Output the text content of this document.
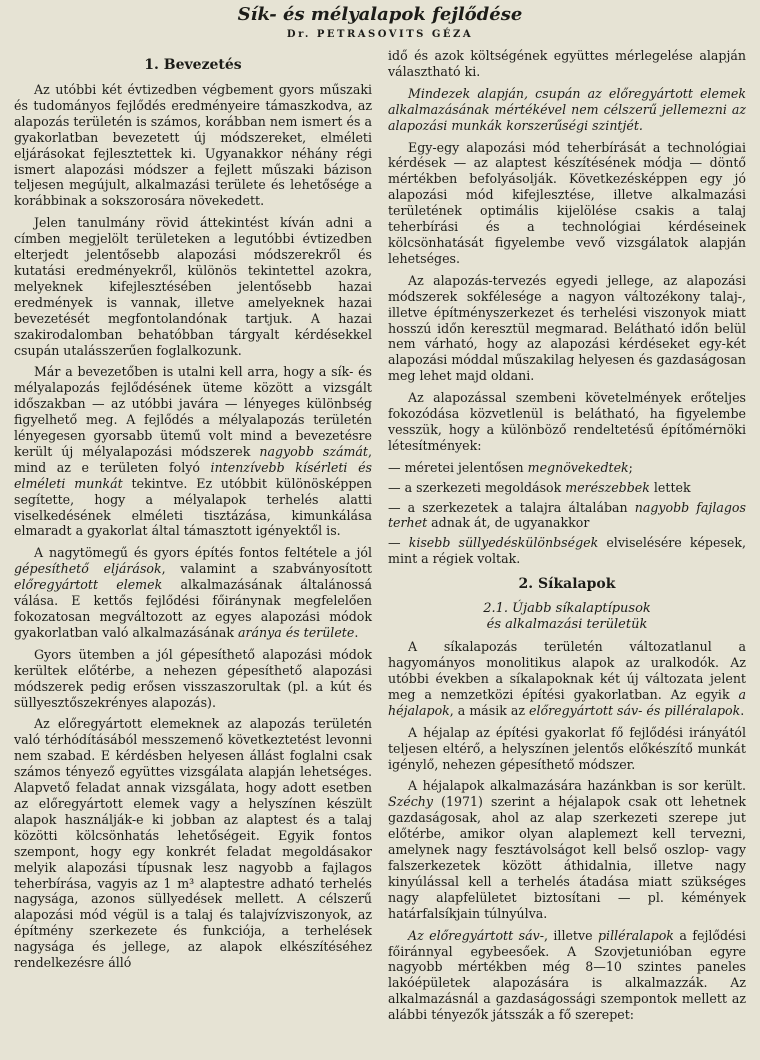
Sík- és mélyalapok fejlődése
Dr. PETRASOVITS GÉZA
1. Bevezetés

Az utóbbi két évtizedben végbement gyors műszaki és tudományos fejlődés eredményeire támaszkodva, az alapozás területén is számos, korábban nem ismert és a gyakorlatban bevezetett új módszereket, elméleti eljárásokat fejlesztettek ki. Ugyanakkor néhány régi ismert alapozási módszer a fejlett műszaki bázison teljesen megújult, alkalmazási területe és lehetősége a korábbinak a sokszorosára növekedett.

Jelen tanulmány rövid áttekintést kíván adni a címben megjelölt területeken a legutóbbi évtizedben elterjedt jelentősebb alapozási módszerekről és kutatási eredményekről, különös tekintettel azokra, melyeknek kifejlesztésében jelentősebb hazai eredmények is vannak, illetve amelyeknek hazai bevezetését megfontolandónak tartjuk. A hazai szakirodalomban behatóbban tárgyalt kérdésekkel csupán utalásszerűen foglalkozunk.

Már a bevezetőben is utalni kell arra, hogy a sík- és mélyalapozás fejlődésének üteme között a vizsgált időszakban — az utóbbi javára — lényeges különbség figyelhető meg. A fejlődés a mélyalapozás területén lényegesen gyorsabb ütemű volt mind a bevezetésre került új mélyalapozási módszerek nagyobb számát, mind az e területen folyó intenzívebb kísérleti és elméleti munkát tekintve. Ez utóbbit különösképpen segítette, hogy a mélyalapok terhelés alatti viselkedésének elméleti tisztázása, kimunkálása elmaradt a gyakorlat által támasztott igényektől is.

A nagytömegű és gyors építés fontos feltétele a jól gépesíthető eljárások, valamint a szabványosított előregyártott elemek alkalmazásának általánossá válása. E kettős fejlődési főiránynak megfelelően fokozatosan megváltozott az egyes alapozási módok gyakorlatban való alkalmazásának aránya és területe.

Gyors ütemben a jól gépesíthető alapozási módok kerültek előtérbe, a nehezen gépesíthető alapozási módszerek pedig erősen visszaszorultak (pl. a kút és süllyesztőszekrényes alapozás).

Az előregyártott elemeknek az alapozás területén való térhódításából messzemenő következtetést levonni nem szabad. E kérdésben helyesen állást foglalni csak számos tényező együttes vizsgálata alapján lehetséges. Alapvető feladat annak vizsgálata, hogy adott esetben az előregyártott elemek vagy a helyszínen készült alapok használják-e ki jobban az alaptest és a talaj közötti kölcsönhatás lehetőségeit. Egyik fontos szempont, hogy egy konkrét feladat megoldásakor melyik alapozási típusnak lesz nagyobb a fajlagos teherbírása, vagyis az 1 m³ alaptestre adható terhelés nagysága, azonos süllyedések mellett. A célszerű alapozási mód végül is a talaj és talajvízviszonyok, az építmény szerkezete és funkciója, a terhelések nagysága és jellege, az alapok elkészítéséhez rendelkezésre álló

idő és azok költségének együttes mérlegelése alapján választható ki.

Mindezek alapján, csupán az előregyártott elemek alkalmazásának mértékével nem célszerű jellemezni az alapozási munkák korszerűségi szintjét.

Egy-egy alapozási mód teherbírását a technológiai kérdések — az alaptest készítésének módja — döntő mértékben befolyásolják. Következésképpen egy jó alapozási mód kifejlesztése, illetve alkalmazási területének optimális kijelölése csakis a talaj teherbírási és a technológiai kérdéseinek kölcsönhatását figyelembe vevő vizsgálatok alapján lehetséges.

Az alapozás-tervezés egyedi jellege, az alapozási módszerek sokfélesége a nagyon változékony talaj-, illetve építményszerkezet és terhelési viszonyok miatt hosszú időn keresztül megmarad. Belátható időn belül nem várható, hogy az alapozási kérdéseket egy-két alapozási móddal műszakilag helyesen és gazdaságosan meg lehet majd oldani.

Az alapozással szembeni követelmények erőteljes fokozódása közvetlenül is belátható, ha figyelembe vesszük, hogy a különböző rendeltetésű építőmérnöki létesítmények:

— méretei jelentősen megnövekedtek;

— a szerkezeti megoldások merészebbek lettek

— a szerkezetek a talajra általában nagyobb fajlagos terhet adnak át, de ugyanakkor

— kisebb süllyedéskülönbségek elviselésére képesek, mint a régiek voltak.

2. Síkalapok
2.1. Újabb síkalaptípusok
és alkalmazási területük

A síkalapozás területén változatlanul a hagyományos monolitikus alapok az uralkodók. Az utóbbi években a síkalapoknak két új változata jelent meg a nemzetközi építési gyakorlatban. Az egyik a héjalapok, a másik az előregyártott sáv- és pilléralapok.

A héjalap az építési gyakorlat fő fejlődési irányától teljesen eltérő, a helyszínen jelentős előkészítő munkát igénylő, nehezen gépesíthető módszer.

A héjalapok alkalmazására hazánkban is sor került. Széchy (1971) szerint a héjalapok csak ott lehetnek gazdaságosak, ahol az alap szerkezeti szerepe jut előtérbe, amikor olyan alaplemezt kell tervezni, amelynek nagy fesztávolságot kell belső oszlop- vagy falszerkezetek között áthidalnia, illetve nagy kinyúlással kell a terhelés átadása miatt szükséges nagy alapfelületet biztosítani — pl. kémények határfalsíkjain túlnyúlva.

Az előregyártott sáv-, illetve pilléralapok a fejlődési főiránnyal egybeesőek. A Szovjetunióban egyre nagyobb mértékben még 8—10 szintes paneles lakóépületek alapozására is alkalmazzák. Az alkalmazásnál a gazdaságossági szempontok mellett az alábbi tényezők játsszák a fő szerepet:
